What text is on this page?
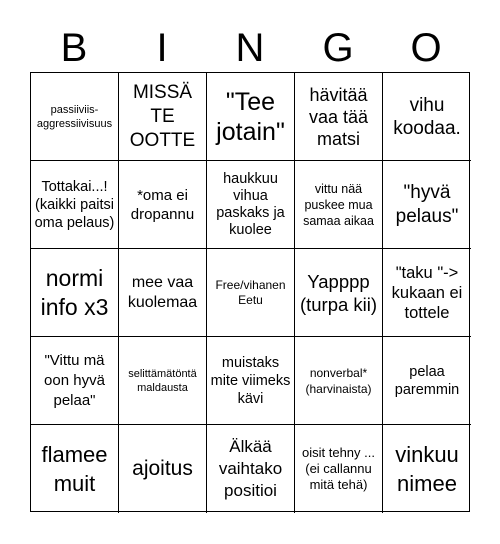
B	I	N	G	O
passiiviis-aggressiivisuus
MISSÄ TE OOTTE
"Tee jotain"
hävitää vaa tää matsi
vihu koodaa.
Tottakai...! (kaikki paitsi oma pelaus)
*oma ei dropannu
haukkuu vihua paskaks ja kuolee
vittu nää puskee mua samaa aikaa
"hyvä pelaus"
normi info x3
mee vaa kuolemaa
Free/vihanen Eetu
Yapppp (turpa kii)
"taku "-> kukaan ei tottele
"Vittu mä oon hyvä pelaa"
selittämätöntä maldausta
muistaks mite viimeks kävi
nonverbal* (harvinaista)
pelaa paremmin
flamee muit
ajoitus
Älkää vaihtako positioi
oisit tehny ... (ei callannu mitä tehä)
vinkuu nimee
